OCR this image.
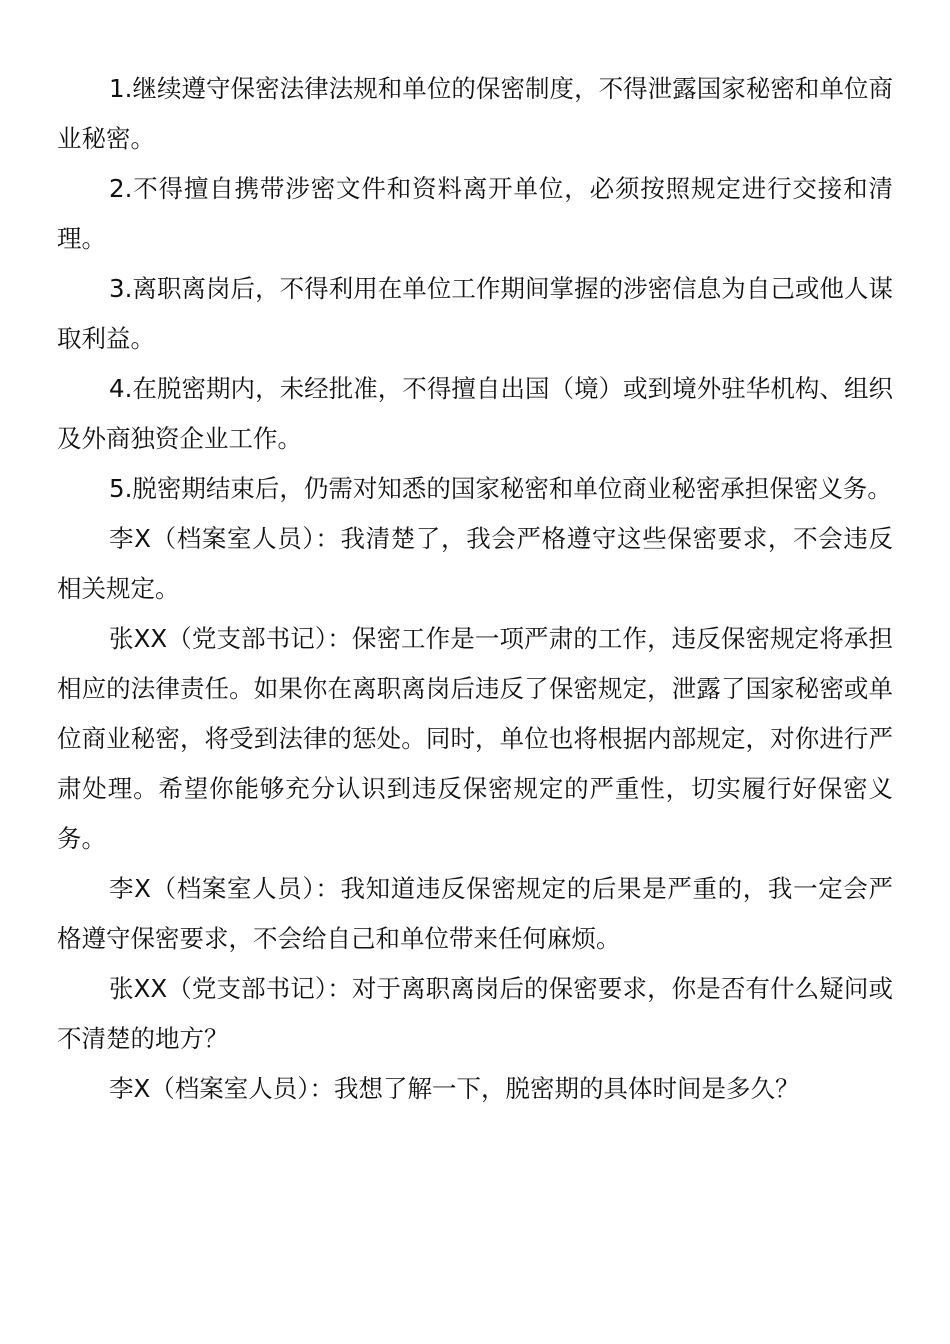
1.继续遵守保密法律法规和单位的保密制度，不得泄露国家秘密和单位商业秘密。

2.不得擅自携带涉密文件和资料离开单位，必须按照规定进行交接和清理。

3.离职离岗后，不得利用在单位工作期间掌握的涉密信息为自己或他人谋取利益。

4.在脱密期内，未经批准，不得擅自出国（境）或到境外驻华机构、组织及外商独资企业工作。

5.脱密期结束后，仍需对知悉的国家秘密和单位商业秘密承担保密义务。

李X（档案室人员）：我清楚了，我会严格遵守这些保密要求，不会违反相关规定。

张XX（党支部书记）：保密工作是一项严肃的工作，违反保密规定将承担相应的法律责任。如果你在离职离岗后违反了保密规定，泄露了国家秘密或单位商业秘密，将受到法律的惩处。同时，单位也将根据内部规定，对你进行严肃处理。希望你能够充分认识到违反保密规定的严重性，切实履行好保密义务。

李X（档案室人员）：我知道违反保密规定的后果是严重的，我一定会严格遵守保密要求，不会给自己和单位带来任何麻烦。

张XX（党支部书记）：对于离职离岗后的保密要求，你是否有什么疑问或不清楚的地方？

李X（档案室人员）：我想了解一下，脱密期的具体时间是多久？
